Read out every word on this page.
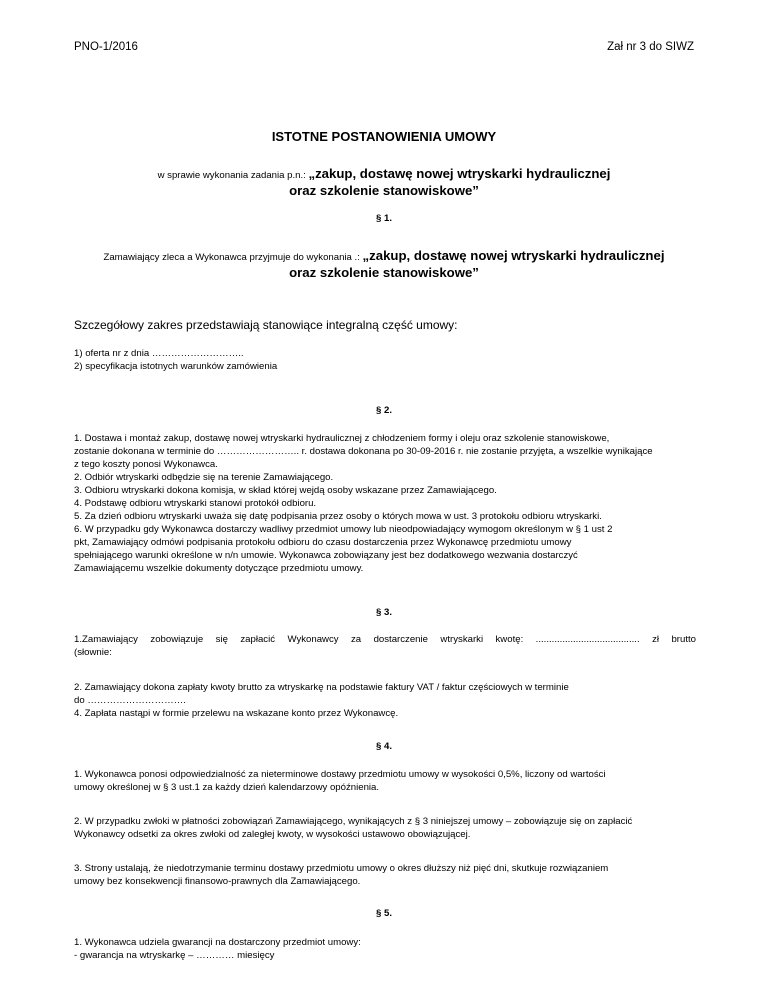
PNO-1/2016	Zał nr 3 do SIWZ
ISTOTNE POSTANOWIENIA UMOWY
w sprawie wykonania zadania p.n.: „zakup, dostawę nowej wtryskarki hydraulicznej
oraz szkolenie stanowiskowe”
§ 1.
Zamawiający zleca a Wykonawca przyjmuje do wykonania .: „zakup, dostawę nowej wtryskarki hydraulicznej
oraz szkolenie stanowiskowe”
Szczegółowy zakres przedstawiają stanowiące integralną część umowy:
1) oferta nr z dnia ………………………..
2) specyfikacja istotnych warunków zamówienia
§ 2.
1. Dostawa i montaż zakup, dostawę nowej wtryskarki hydraulicznej z chłodzeniem formy i oleju oraz szkolenie stanowiskowe,
zostanie dokonana w terminie do …………………….. r. dostawa dokonana po 30-09-2016 r. nie zostanie przyjęta, a wszelkie wynikające
z tego koszty ponosi Wykonawca.
2. Odbiór wtryskarki odbędzie się na terenie Zamawiającego.
3. Odbioru wtryskarki dokona komisja, w skład której wejdą osoby wskazane przez Zamawiającego.
4. Podstawę odbioru wtryskarki stanowi protokół odbioru.
5. Za dzień odbioru wtryskarki uważa się datę podpisania przez osoby o których mowa w ust. 3 protokołu odbioru wtryskarki.
6. W przypadku gdy Wykonawca dostarczy wadliwy przedmiot umowy lub nieodpowiadający wymogom określonym w § 1 ust 2
pkt, Zamawiający odmówi podpisania protokołu odbioru do czasu dostarczenia przez Wykonawcę przedmiotu umowy
spełniającego warunki określone w n/n umowie. Wykonawca zobowiązany jest bez dodatkowego wezwania dostarczyć
Zamawiającemu wszelkie dokumenty dotyczące przedmiotu umowy.
§ 3.
1.Zamawiający zobowiązuje się zapłacić Wykonawcy za dostarczenie wtryskarki kwotę: ....................................... zł brutto
(słownie:
2. Zamawiający dokona zapłaty kwoty brutto za wtryskarkę na podstawie faktury VAT / faktur częściowych w terminie
do ………………………….
4. Zapłata nastąpi w formie przelewu na wskazane konto przez Wykonawcę.
§ 4.
1. Wykonawca ponosi odpowiedzialność za nieterminowe dostawy przedmiotu umowy w wysokości 0,5%, liczony od wartości
umowy określonej w § 3 ust.1 za każdy dzień kalendarzowy opóźnienia.
2. W przypadku zwłoki w płatności zobowiązań Zamawiającego, wynikających z § 3 niniejszej umowy – zobowiązuje się on zapłacić
Wykonawcy odsetki za okres zwłoki od zaległej kwoty, w wysokości ustawowo obowiązującej.
3. Strony ustalają, że niedotrzymanie terminu dostawy przedmiotu umowy o okres dłuższy niż pięć dni, skutkuje rozwiązaniem
umowy bez konsekwencji finansowo-prawnych dla Zamawiającego.
§ 5.
1. Wykonawca udziela gwarancji na dostarczony przedmiot umowy:
- gwarancja na wtryskarkę – ………… miesięcy
